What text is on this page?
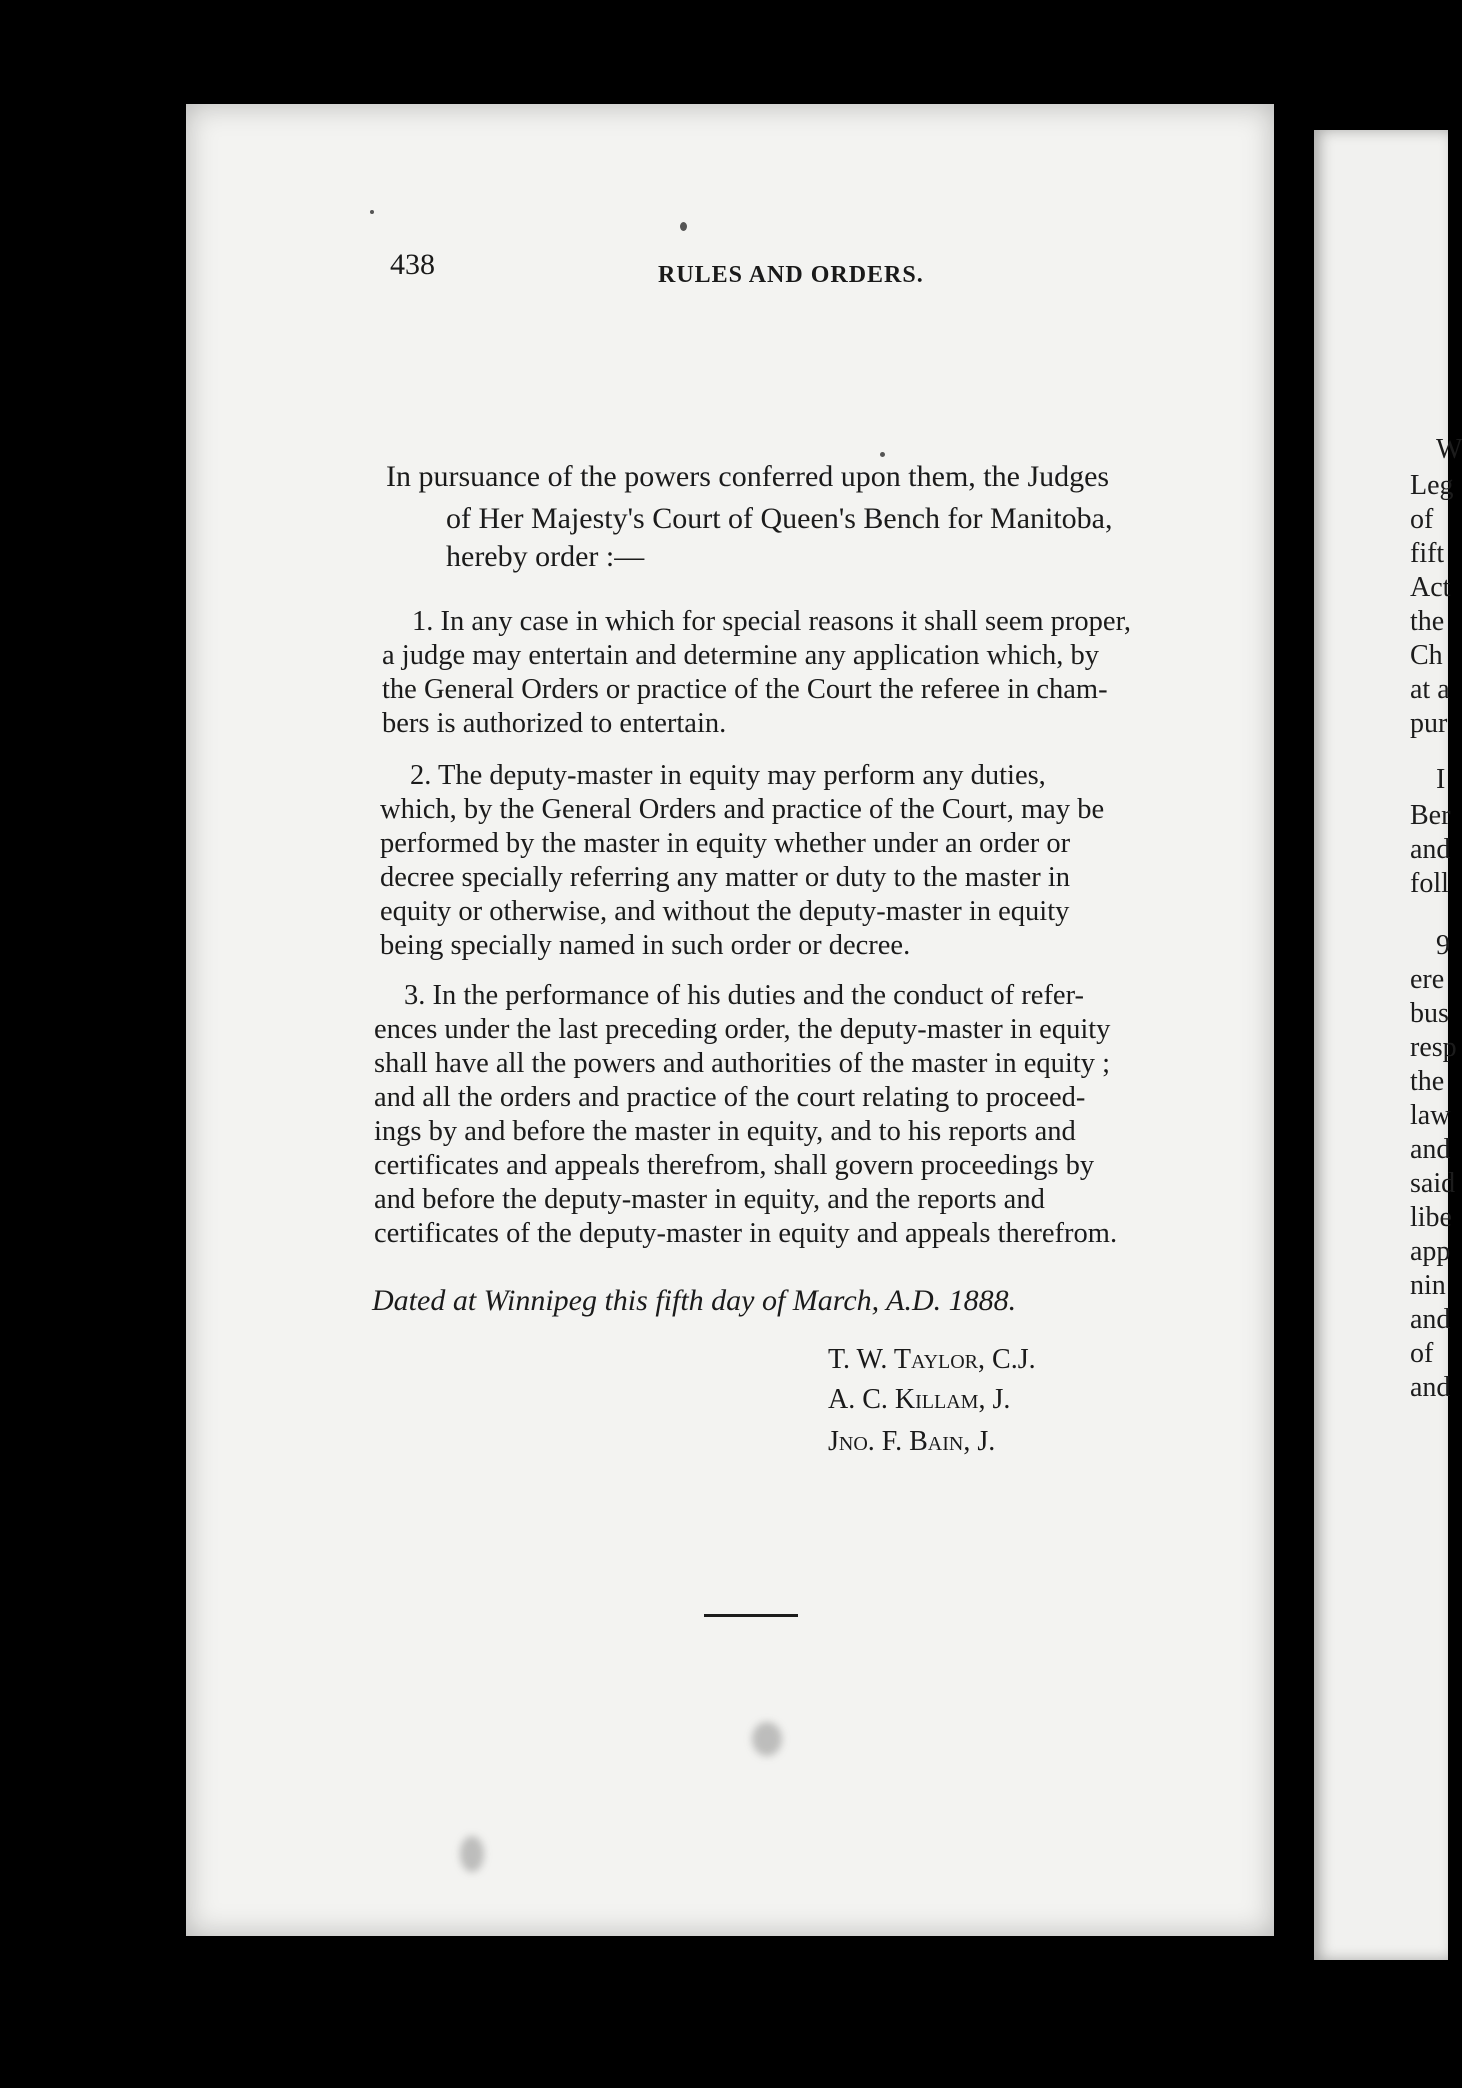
W
Leg
of
fift
Act
the
Ch
at a
pur
I
Ber
and
foll
9
ere
bus
resp
the
law
and
said
libe
app
nin
and
of
and
438	RULES AND ORDERS.
In pursuance of the powers conferred upon them, the Judges
of Her Majesty's Court of Queen's Bench for Manitoba,
hereby order :—
1. In any case in which for special reasons it shall seem proper,
a judge may entertain and determine any application which, by
the General Orders or practice of the Court the referee in cham-
bers is authorized to entertain.
2. The deputy-master in equity may perform any duties,
which, by the General Orders and practice of the Court, may be
performed by the master in equity whether under an order or
decree specially referring any matter or duty to the master in
equity or otherwise, and without the deputy-master in equity
being specially named in such order or decree.
3. In the performance of his duties and the conduct of refer-
ences under the last preceding order, the deputy-master in equity
shall have all the powers and authorities of the master in equity ;
and all the orders and practice of the court relating to proceed-
ings by and before the master in equity, and to his reports and
certificates and appeals therefrom, shall govern proceedings by
and before the deputy-master in equity, and the reports and
certificates of the deputy-master in equity and appeals therefrom.
Dated at Winnipeg this fifth day of March, A.D. 1888.
T. W. Taylor, C.J.
A. C. Killam, J.
Jno. F. Bain, J.
